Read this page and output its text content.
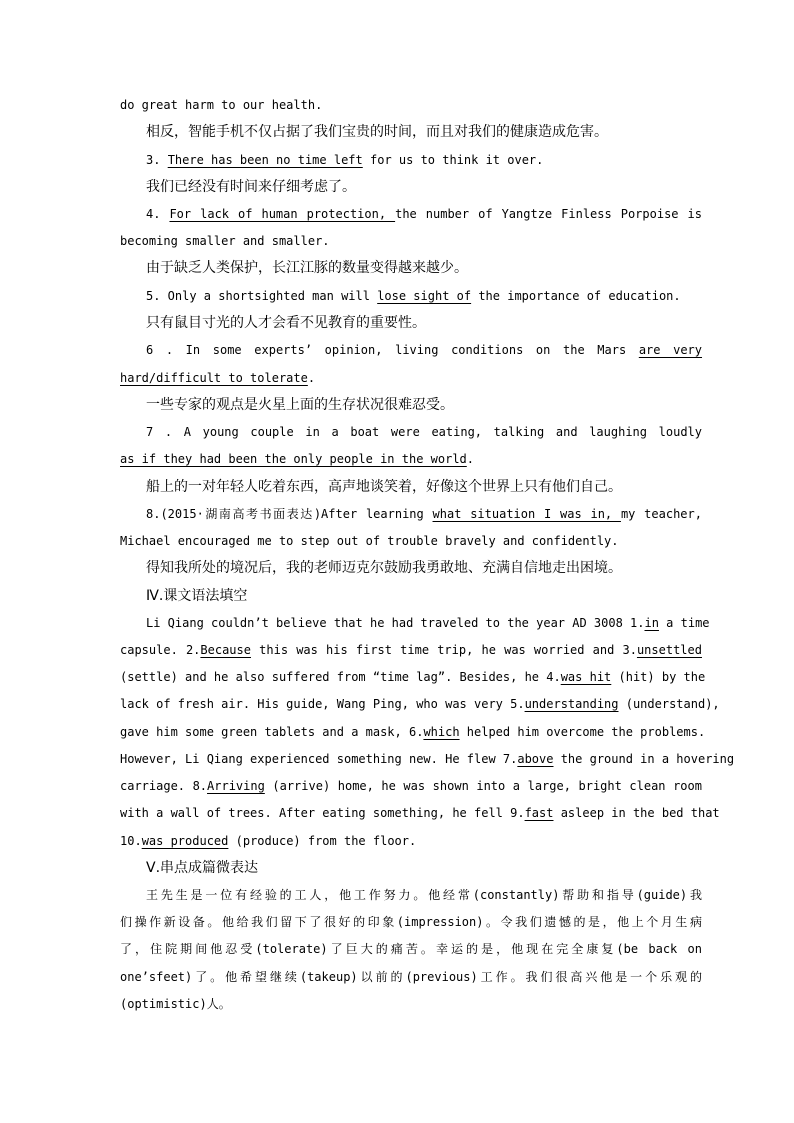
do great harm to our health.
相反，智能手机不仅占据了我们宝贵的时间，而且对我们的健康造成危害。
3. There has been no time left for us to think it over.
我们已经没有时间来仔细考虑了。
4. For lack of human protection, the number of Yangtze Finless Porpoise is
becoming smaller and smaller.
由于缺乏人类保护，长江江豚的数量变得越来越少。
5. Only a shortsighted man will lose sight of the importance of education.
只有鼠目寸光的人才会看不见教育的重要性。
6 . In some experts’ opinion, living conditions on the Mars are very
hard/difficult to tolerate.
一些专家的观点是火星上面的生存状况很难忍受。
7 . A young couple in a boat were eating, talking and laughing loudly
as if they had been the only people in the world.
船上的一对年轻人吃着东西，高声地谈笑着，好像这个世界上只有他们自己。
8.(2015·湖南高考书面表达)After learning what situation I was in, my teacher,
Michael encouraged me to step out of trouble bravely and confidently.
得知我所处的境况后，我的老师迈克尔鼓励我勇敢地、充满自信地走出困境。
Ⅳ.课文语法填空
Li Qiang couldn’t believe that he had traveled to the year AD 3008 1.in a time
capsule. 2.Because this was his first time trip, he was worried and 3.unsettled
(settle) and he also suffered from “time lag”. Besides, he 4.was hit (hit) by the
lack of fresh air. His guide, Wang Ping, who was very 5.understanding (understand),
gave him some green tablets and a mask, 6.which helped him overcome the problems.
However, Li Qiang experienced something new. He flew 7.above the ground in a hovering
carriage. 8.Arriving (arrive) home, he was shown into a large, bright clean room
with a wall of trees. After eating something, he fell 9.fast asleep in the bed that
10.was produced (produce) from the floor.
Ⅴ.串点成篇微表达
王先生是一位有经验的工人，他工作努力。他经常(constantly)帮助和指导(guide)我
们操作新设备。他给我们留下了很好的印象(impression)。令我们遗憾的是，他上个月生病
了，住院期间他忍受(tolerate)了巨大的痛苦。幸运的是，他现在完全康复(be back on
one’sfeet)了。他希望继续(takeup)以前的(previous)工作。我们很高兴他是一个乐观的
(optimistic)人。
